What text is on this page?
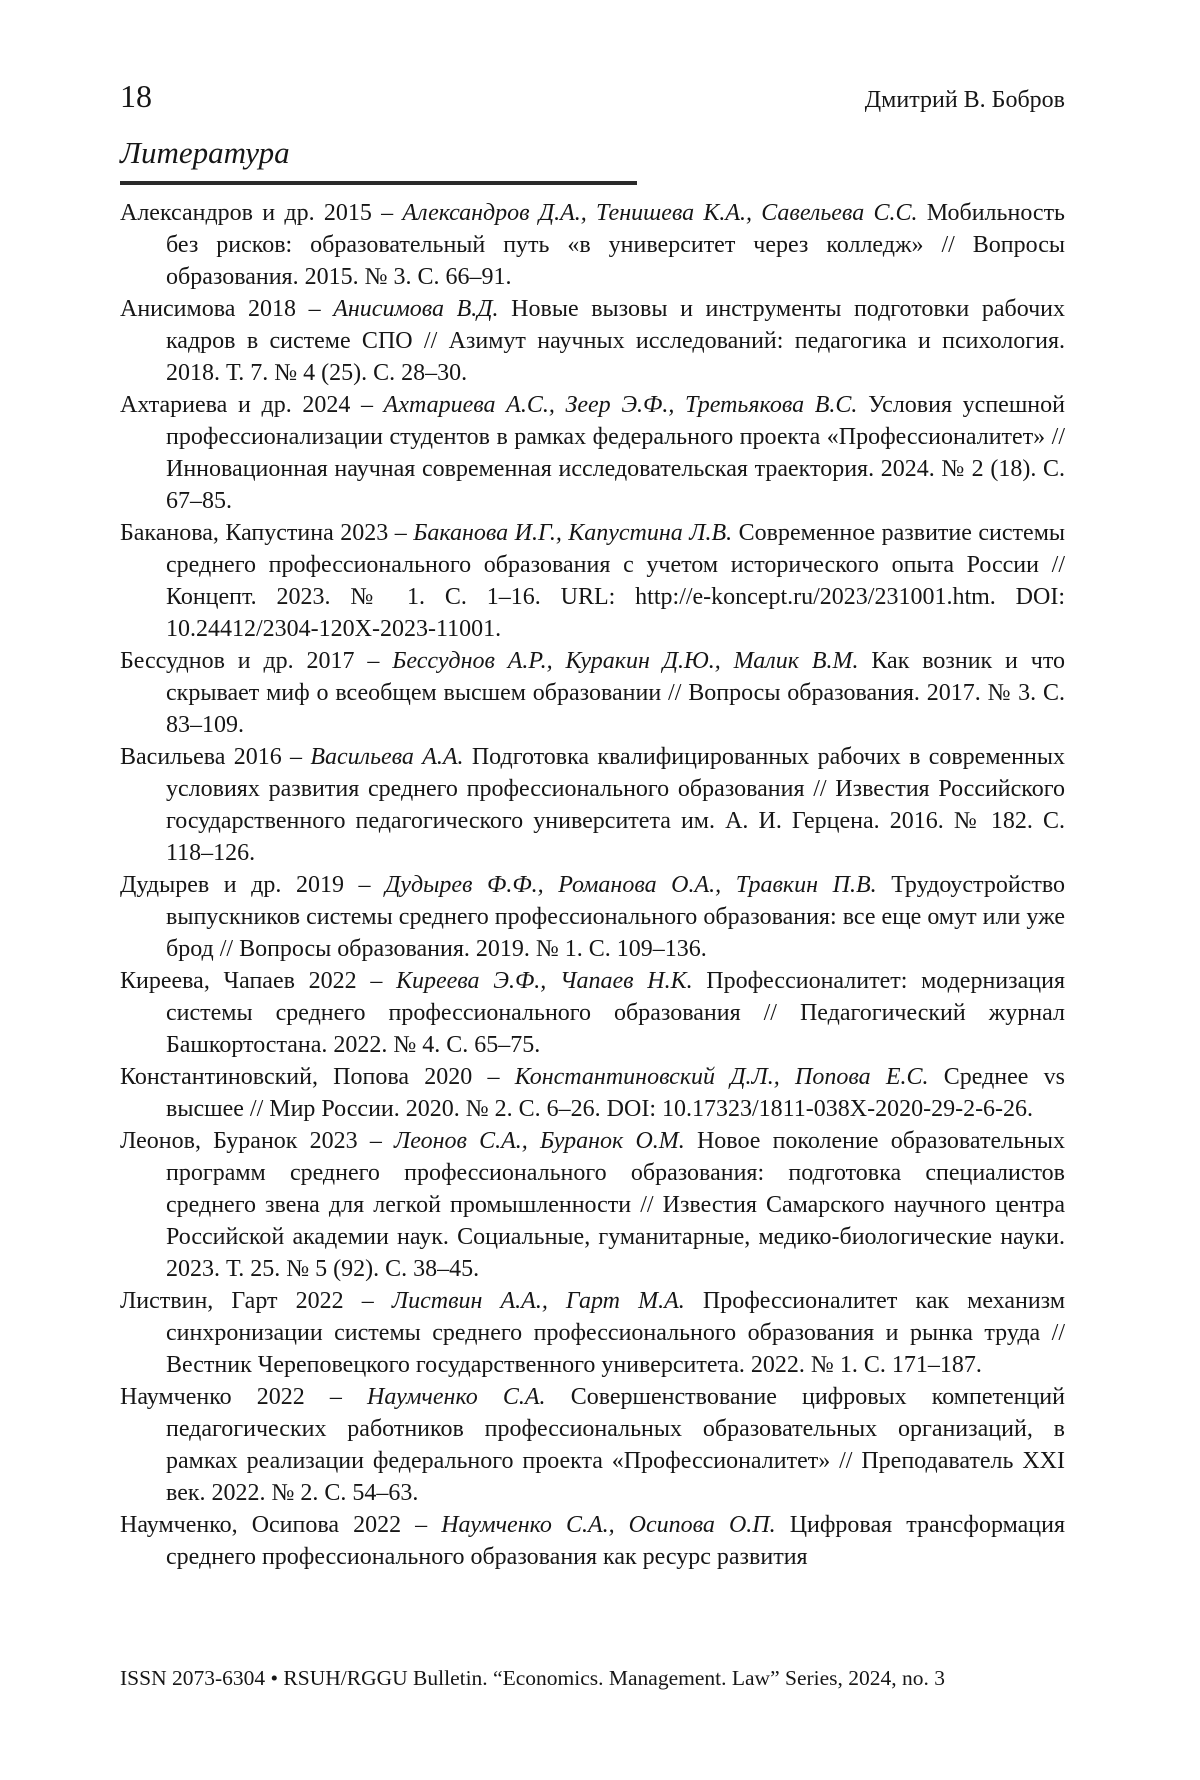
18	Дмитрий В. Бобров
Литература

Александров и др. 2015 – Александров Д.А., Тенишева К.А., Савельева С.С. Мобильность без рисков: образовательный путь «в университет через колледж» // Вопросы образования. 2015. № 3. С. 66–91.

Анисимова 2018 – Анисимова В.Д. Новые вызовы и инструменты подготовки рабочих кадров в системе СПО // Азимут научных исследований: педагогика и психология. 2018. Т. 7. № 4 (25). С. 28–30.

Ахтариева и др. 2024 – Ахтариева А.С., Зеер Э.Ф., Третьякова В.С. Условия успешной профессионализации студентов в рамках федерального проекта «Профессионалитет» // Инновационная научная современная исследовательская траектория. 2024. № 2 (18). С. 67–85.

Баканова, Капустина 2023 – Баканова И.Г., Капустина Л.В. Современное развитие системы среднего профессионального образования с учетом исторического опыта России // Концепт. 2023. № 1. С. 1–16. URL: http://e-koncept.ru/2023/231001.htm. DOI: 10.24412/2304-120X-2023-11001.

Бессуднов и др. 2017 – Бессуднов А.Р., Куракин Д.Ю., Малик В.М. Как возник и что скрывает миф о всеобщем высшем образовании // Вопросы образования. 2017. № 3. С. 83–109.

Васильева 2016 – Васильева А.А. Подготовка квалифицированных рабочих в современных условиях развития среднего профессионального образования // Известия Российского государственного педагогического университета им. А. И. Герцена. 2016. № 182. С. 118–126.

Дудырев и др. 2019 – Дудырев Ф.Ф., Романова О.А., Травкин П.В. Трудоустройство выпускников системы среднего профессионального образования: все еще омут или уже брод // Вопросы образования. 2019. № 1. С. 109–136.

Киреева, Чапаев 2022 – Киреева Э.Ф., Чапаев Н.К. Профессионалитет: модернизация системы среднего профессионального образования // Педагогический журнал Башкортостана. 2022. № 4. С. 65–75.

Константиновский, Попова 2020 – Константиновский Д.Л., Попова Е.С. Среднее vs высшее // Мир России. 2020. № 2. С. 6–26. DOI: 10.17323/1811-038X-2020-29-2-6-26.

Леонов, Буранок 2023 – Леонов С.А., Буранок О.М. Новое поколение образовательных программ среднего профессионального образования: подготовка специалистов среднего звена для легкой промышленности // Известия Самарского научного центра Российской академии наук. Социальные, гуманитарные, медико-биологические науки. 2023. Т. 25. № 5 (92). С. 38–45.

Листвин, Гарт 2022 – Листвин А.А., Гарт М.А. Профессионалитет как механизм синхронизации системы среднего профессионального образования и рынка труда // Вестник Череповецкого государственного университета. 2022. № 1. С. 171–187.

Наумченко 2022 – Наумченко С.А. Совершенствование цифровых компетенций педагогических работников профессиональных образовательных организаций, в рамках реализации федерального проекта «Профессионалитет» // Преподаватель XXI век. 2022. № 2. С. 54–63.

Наумченко, Осипова 2022 – Наумченко С.А., Осипова О.П. Цифровая трансформация среднего профессионального образования как ресурс развития

ISSN 2073-6304 • RSUH/RGGU Bulletin. “Economics. Management. Law” Series, 2024, no. 3
